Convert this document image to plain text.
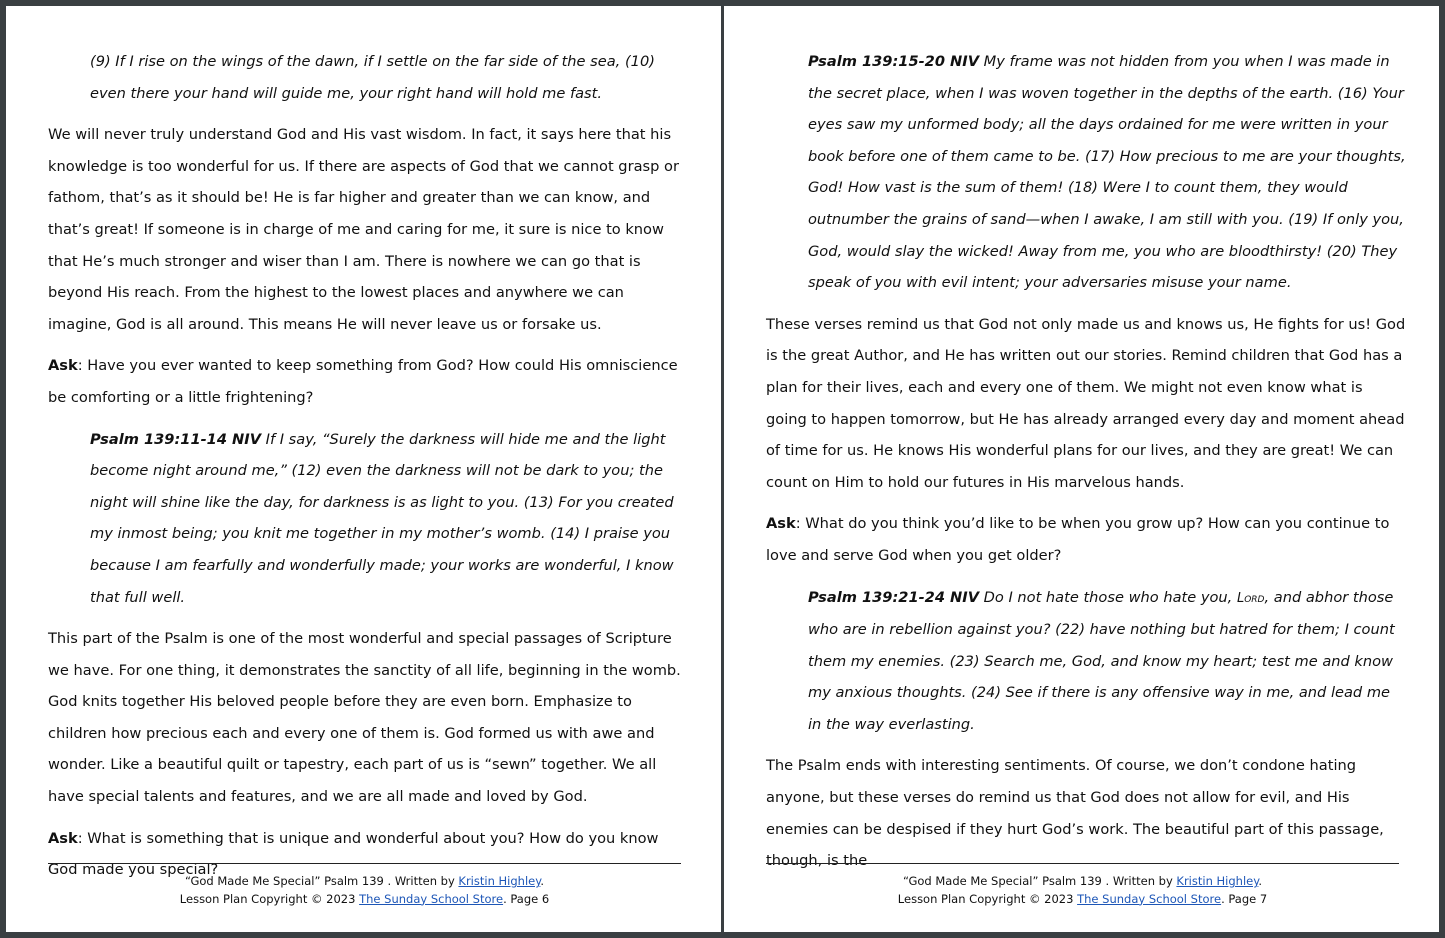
(9) If I rise on the wings of the dawn, if I settle on the far side of the sea, (10) even there your hand will guide me, your right hand will hold me fast.

We will never truly understand God and His vast wisdom. In fact, it says here that his knowledge is too wonderful for us. If there are aspects of God that we cannot grasp or fathom, that’s as it should be! He is far higher and greater than we can know, and that’s great! If someone is in charge of me and caring for me, it sure is nice to know that He’s much stronger and wiser than I am. There is nowhere we can go that is beyond His reach. From the highest to the lowest places and anywhere we can imagine, God is all around. This means He will never leave us or forsake us.

Ask: Have you ever wanted to keep something from God? How could His omniscience be comforting or a little frightening?

Psalm 139:11-14 NIV If I say, “Surely the darkness will hide me and the light become night around me,” (12) even the darkness will not be dark to you; the night will shine like the day, for darkness is as light to you. (13) For you created my inmost being; you knit me together in my mother’s womb. (14) I praise you because I am fearfully and wonderfully made; your works are wonderful, I know that full well.

This part of the Psalm is one of the most wonderful and special passages of Scripture we have. For one thing, it demonstrates the sanctity of all life, beginning in the womb. God knits together His beloved people before they are even born. Emphasize to children how precious each and every one of them is. God formed us with awe and wonder. Like a beautiful quilt or tapestry, each part of us is “sewn” together. We all have special talents and features, and we are all made and loved by God.

Ask: What is something that is unique and wonderful about you? How do you know God made you special?

“God Made Me Special” Psalm 139 . Written by Kristin Highley.
Lesson Plan Copyright © 2023 The Sunday School Store. Page 6

Psalm 139:15-20 NIV My frame was not hidden from you when I was made in the secret place, when I was woven together in the depths of the earth. (16) Your eyes saw my unformed body; all the days ordained for me were written in your book before one of them came to be. (17) How precious to me are your thoughts, God! How vast is the sum of them! (18) Were I to count them, they would outnumber the grains of sand—when I awake, I am still with you. (19) If only you, God, would slay the wicked! Away from me, you who are bloodthirsty! (20) They speak of you with evil intent; your adversaries misuse your name.

These verses remind us that God not only made us and knows us, He fights for us! God is the great Author, and He has written out our stories. Remind children that God has a plan for their lives, each and every one of them. We might not even know what is going to happen tomorrow, but He has already arranged every day and moment ahead of time for us. He knows His wonderful plans for our lives, and they are great! We can count on Him to hold our futures in His marvelous hands.

Ask: What do you think you’d like to be when you grow up? How can you continue to love and serve God when you get older?

Psalm 139:21-24 NIV Do I not hate those who hate you, Lord, and abhor those who are in rebellion against you? (22) have nothing but hatred for them; I count them my enemies. (23) Search me, God, and know my heart; test me and know my anxious thoughts. (24) See if there is any offensive way in me, and lead me in the way everlasting.

The Psalm ends with interesting sentiments. Of course, we don’t condone hating anyone, but these verses do remind us that God does not allow for evil, and His enemies can be despised if they hurt God’s work. The beautiful part of this passage, though, is the

“God Made Me Special” Psalm 139 . Written by Kristin Highley.
Lesson Plan Copyright © 2023 The Sunday School Store. Page 7
